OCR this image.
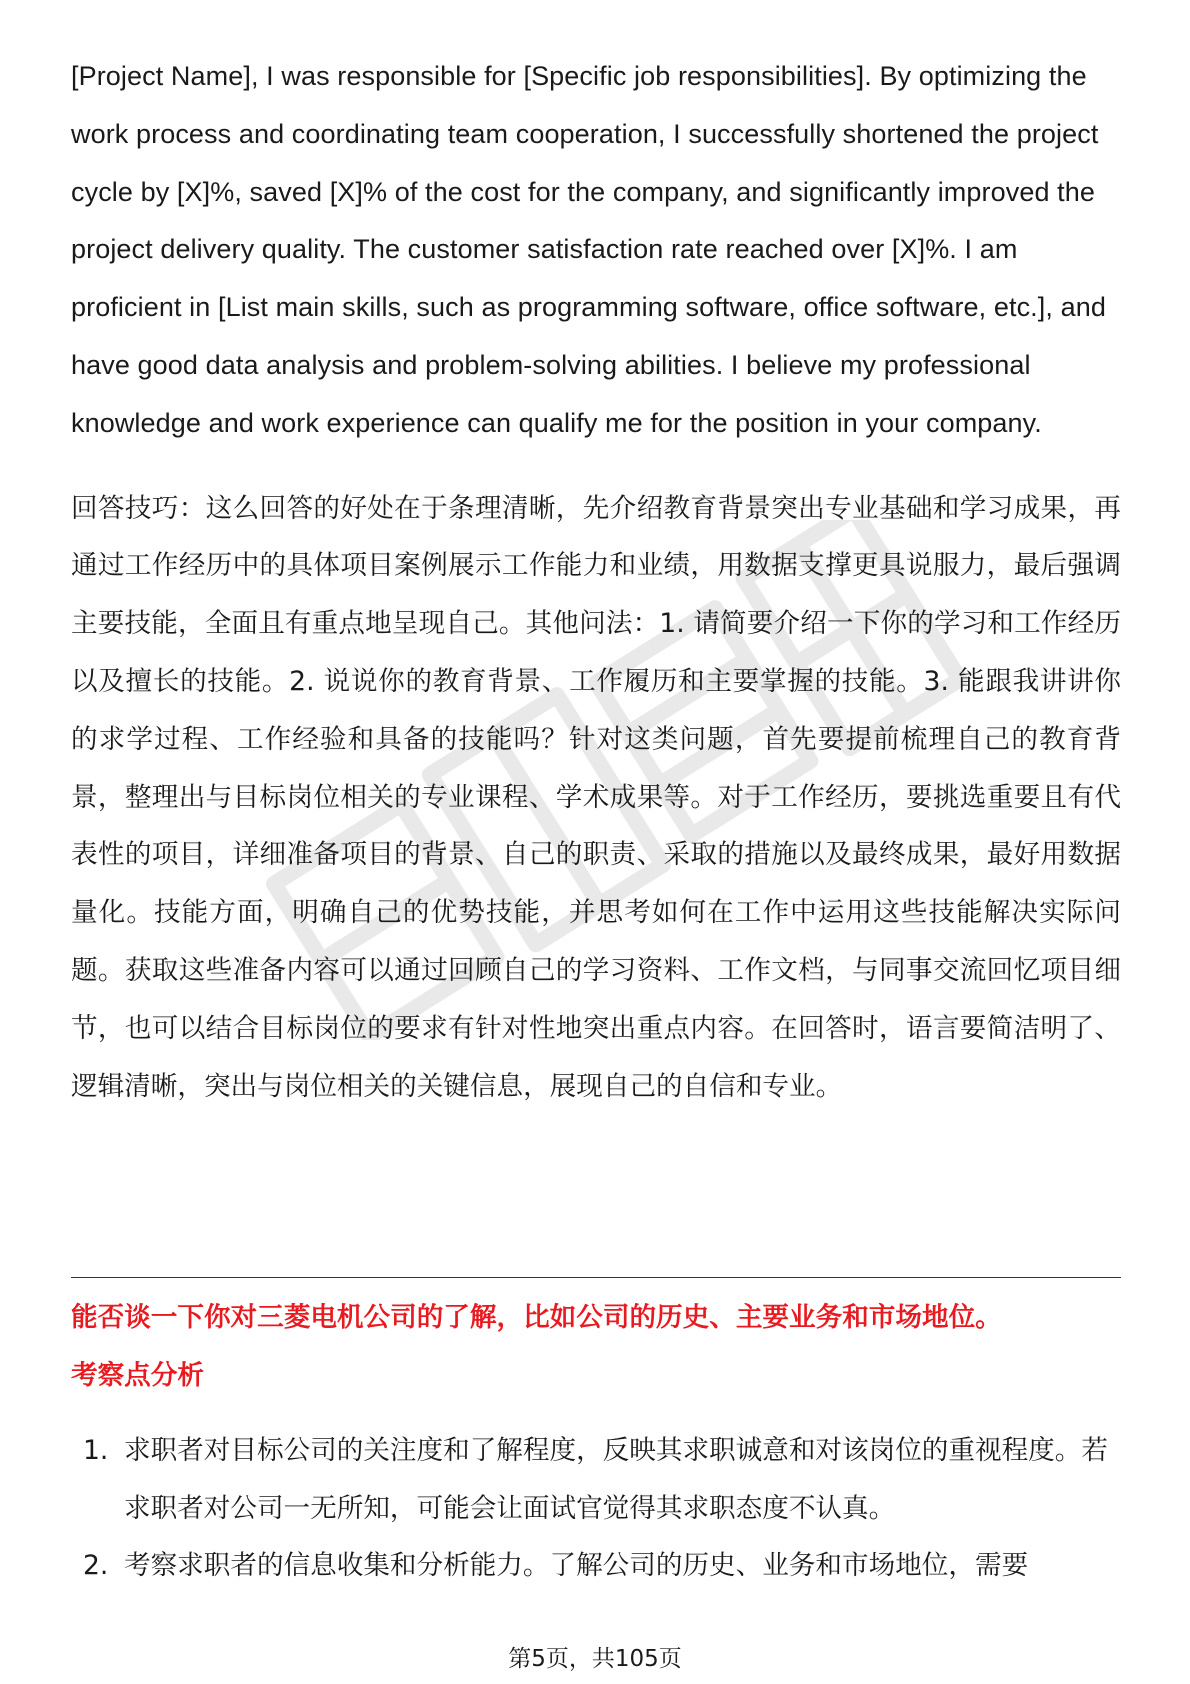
[Project Name], I was responsible for [Specific job responsibilities]. By optimizing the work process and coordinating team cooperation, I successfully shortened the project cycle by [X]%, saved [X]% of the cost for the company, and significantly improved the project delivery quality. The customer satisfaction rate reached over [X]%. I am proficient in [List main skills, such as programming software, office software, etc.], and have good data analysis and problem-solving abilities. I believe my professional knowledge and work experience can qualify me for the position in your company.

回答技巧：这么回答的好处在于条理清晰，先介绍教育背景突出专业基础和学习成果，再通过工作经历中的具体项目案例展示工作能力和业绩，用数据支撑更具说服力，最后强调主要技能，全面且有重点地呈现自己。其他问法：1. 请简要介绍一下你的学习和工作经历以及擅长的技能。2. 说说你的教育背景、工作履历和主要掌握的技能。3. 能跟我讲讲你的求学过程、工作经验和具备的技能吗？针对这类问题，首先要提前梳理自己的教育背景，整理出与目标岗位相关的专业课程、学术成果等。对于工作经历，要挑选重要且有代表性的项目，详细准备项目的背景、自己的职责、采取的措施以及最终成果，最好用数据量化。技能方面，明确自己的优势技能，并思考如何在工作中运用这些技能解决实际问题。获取这些准备内容可以通过回顾自己的学习资料、工作文档，与同事交流回忆项目细节，也可以结合目标岗位的要求有针对性地突出重点内容。在回答时，语言要简洁明了、逻辑清晰，突出与岗位相关的关键信息，展现自己的自信和专业。

能否谈一下你对三菱电机公司的了解，比如公司的历史、主要业务和市场地位。

考察点分析

1. 求职者对目标公司的关注度和了解程度，反映其求职诚意和对该岗位的重视程度。若求职者对公司一无所知，可能会让面试官觉得其求职态度不认真。
2. 考察求职者的信息收集和分析能力。了解公司的历史、业务和市场地位，需要
第5页，共105页
